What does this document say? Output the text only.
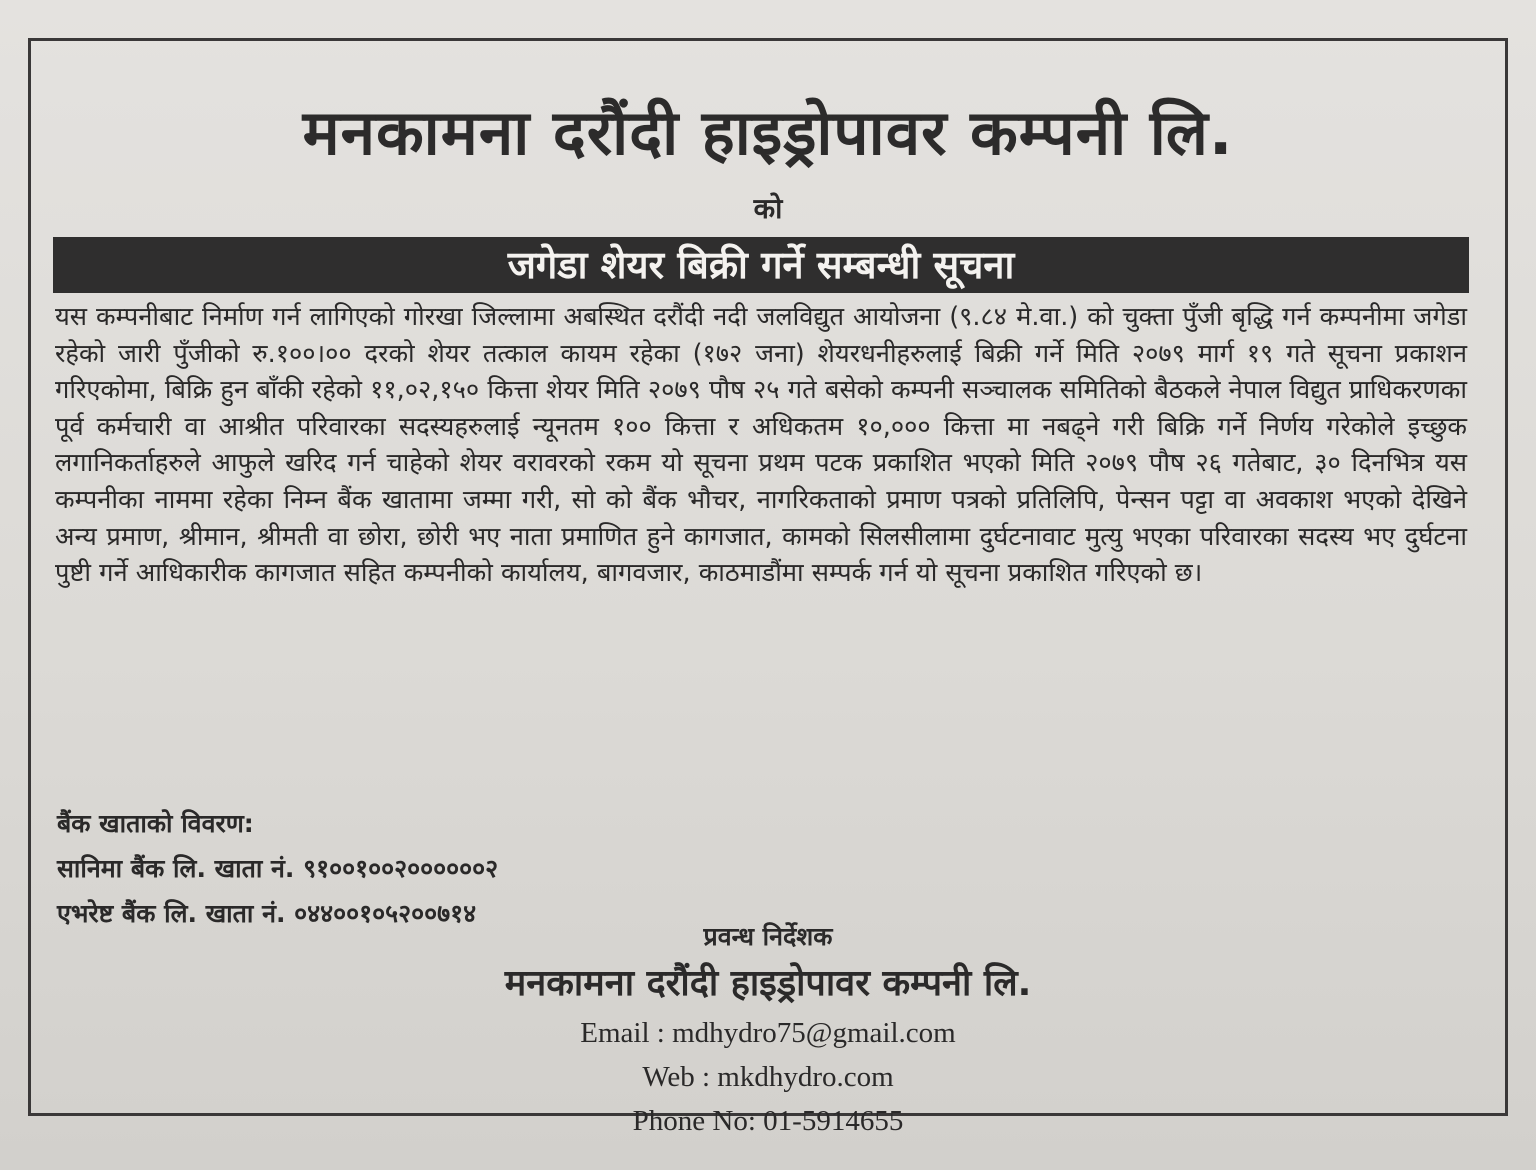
मनकामना दरौंदी हाइड्रोपावर कम्पनी लि.
को
जगेडा शेयर बिक्री गर्ने सम्बन्धी सूचना
यस कम्पनीबाट निर्माण गर्न लागिएको गोरखा जिल्लामा अबस्थित दरौंदी नदी जलविद्युत आयोजना (९.८४ मे.वा.) को चुक्ता पुँजी बृद्धि गर्न कम्पनीमा जगेडा रहेको जारी पुँजीको रु.१००।०० दरको शेयर तत्काल कायम रहेका (१७२ जना) शेयरधनीहरुलाई बिक्री गर्ने मिति २०७९ मार्ग १९ गते सूचना प्रकाशन गरिएकोमा, बिक्रि हुन बाँकी रहेको ११,०२,१५० कित्ता शेयर मिति २०७९ पौष २५ गते बसेको कम्पनी सञ्चालक समितिको बैठकले नेपाल विद्युत प्राधिकरणका पूर्व कर्मचारी वा आश्रीत परिवारका सदस्यहरुलाई न्यूनतम १०० कित्ता र अधिकतम १०,००० कित्ता मा नबढ्ने गरी बिक्रि गर्ने निर्णय गरेकोले इच्छुक लगानिकर्ताहरुले आफुले खरिद गर्न चाहेको शेयर वरावरको रकम यो सूचना प्रथम पटक प्रकाशित भएको मिति २०७९ पौष २६ गतेबाट, ३० दिनभित्र यस कम्पनीका नाममा रहेका निम्न बैंक खातामा जम्मा गरी, सो को बैंक भौचर, नागरिकताको प्रमाण पत्रको प्रतिलिपि, पेन्सन पट्टा वा अवकाश भएको देखिने अन्य प्रमाण, श्रीमान, श्रीमती वा छोरा, छोरी भए नाता प्रमाणित हुने कागजात, कामको सिलसीलामा दुर्घटनावाट मुत्यु भएका परिवारका सदस्य भए दुर्घटना पुष्टी गर्ने आधिकारीक कागजात सहित कम्पनीको कार्यालय, बागवजार, काठमाडौंमा सम्पर्क गर्न यो सूचना प्रकाशित गरिएको छ।
बैंक खाताको विवरण:
सानिमा बैंक लि. खाता नं. ९१००१००२००००००२
एभरेष्ट बैंक लि. खाता नं. ०४४००१०५२००७१४
प्रवन्ध निर्देशक
मनकामना दरौंदी हाइड्रोपावर कम्पनी लि.
Email : mdhydro75@gmail.com
Web : mkdhydro.com
Phone No: 01-5914655
